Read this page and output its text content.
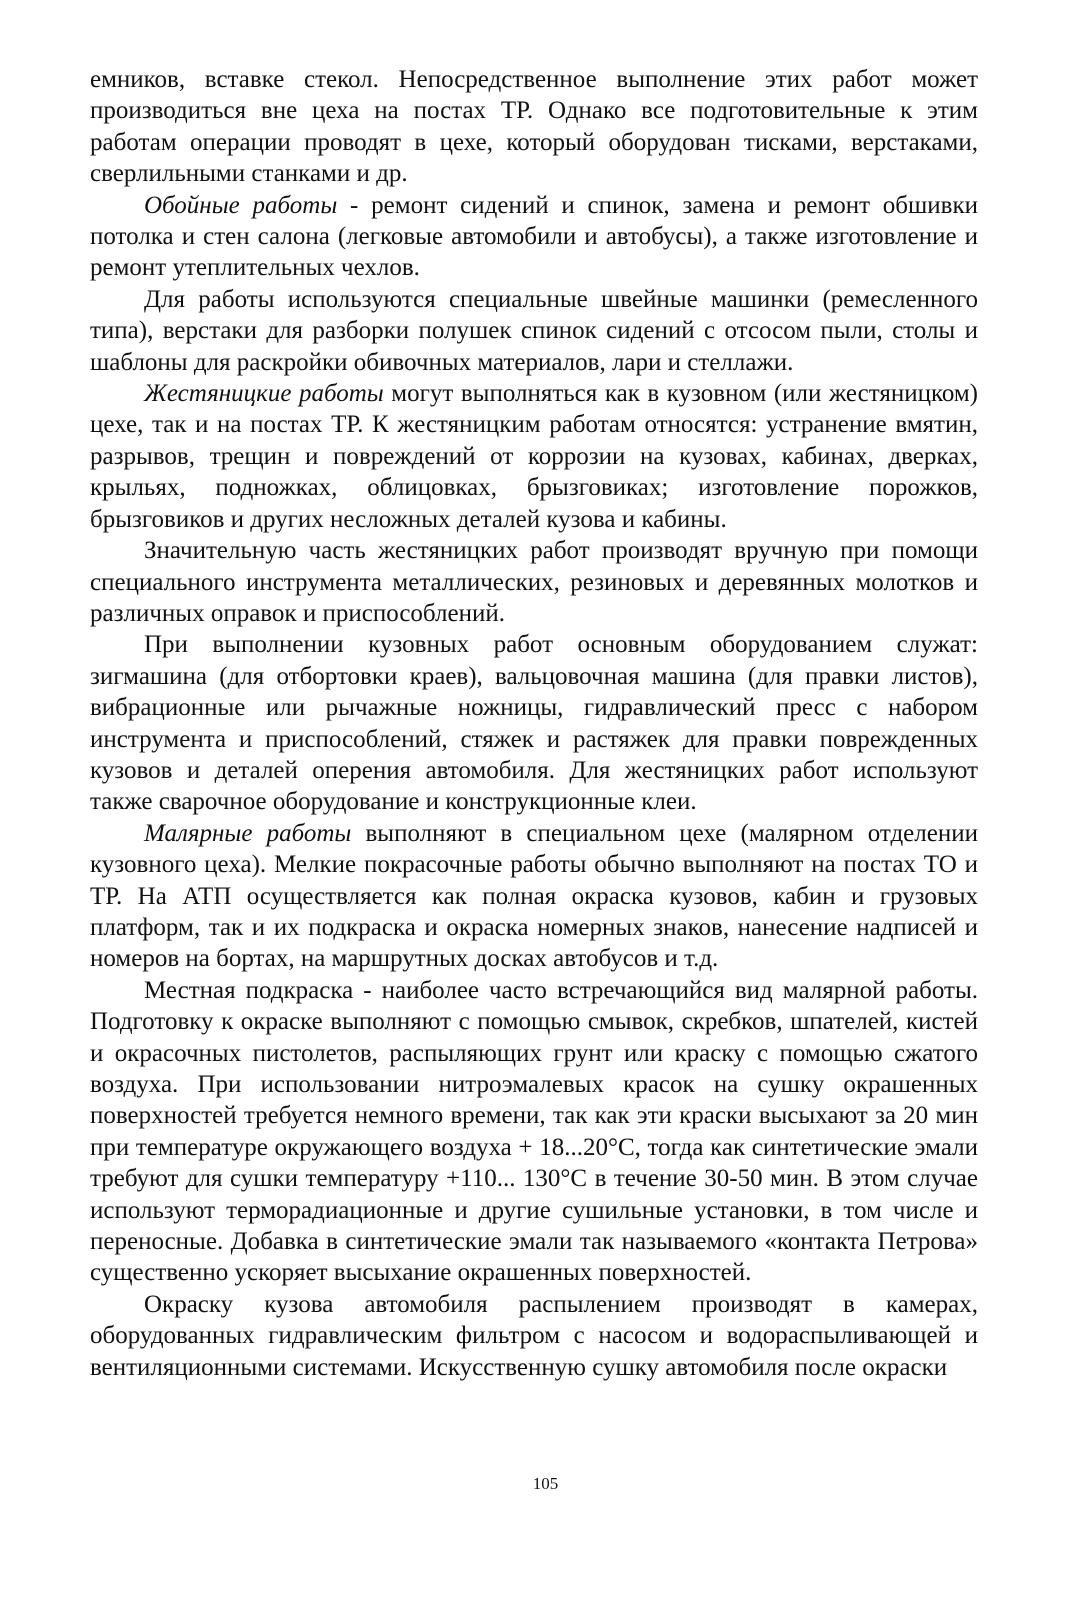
емников, вставке стекол. Непосредственное выполнение этих работ может производиться вне цеха на постах ТР. Однако все подготовительные к этим работам операции проводят в цехе, который оборудован тисками, верстаками, сверлильными станками и др.

Обойные работы - ремонт сидений и спинок, замена и ремонт обшивки потолка и стен салона (легковые автомобили и автобусы), а также изготовление и ремонт утеплительных чехлов.

Для работы используются специальные швейные машинки (ремесленного типа), верстаки для разборки полушек спинок сидений с отсосом пыли, столы и шаблоны для раскройки обивочных материалов, лари и стеллажи.

Жестяницкие работы могут выполняться как в кузовном (или жестяницком) цехе, так и на постах ТР. К жестяницким работам относятся: устранение вмятин, разрывов, трещин и повреждений от коррозии на кузовах, кабинах, дверках, крыльях, подножках, облицовках, брызговиках; изготовление порожков, брызговиков и других несложных деталей кузова и кабины.

Значительную часть жестяницких работ производят вручную при помощи специального инструмента металлических, резиновых и деревянных молотков и различных оправок и приспособлений.

При выполнении кузовных работ основным оборудованием служат: зигмашина (для отбортовки краев), вальцовочная машина (для правки листов), вибрационные или рычажные ножницы, гидравлический пресс с набором инструмента и приспособлений, стяжек и растяжек для правки поврежденных кузовов и деталей оперения автомобиля. Для жестяницких работ используют также сварочное оборудование и конструкционные клеи.

Малярные работы выполняют в специальном цехе (малярном отделении кузовного цеха). Мелкие покрасочные работы обычно выполняют на постах ТО и ТР. На АТП осуществляется как полная окраска кузовов, кабин и грузовых платформ, так и их подкраска и окраска номерных знаков, нанесение надписей и номеров на бортах, на маршрутных досках автобусов и т.д.

Местная подкраска - наиболее часто встречающийся вид малярной работы. Подготовку к окраске выполняют с помощью смывок, скребков, шпателей, кистей и окрасочных пистолетов, распыляющих грунт или краску с помощью сжатого воздуха. При использовании нитроэмалевых красок на сушку окрашенных поверхностей требуется немного времени, так как эти краски высыхают за 20 мин при температуре окружающего воздуха + 18...20°С, тогда как синтетические эмали требуют для сушки температуру +110... 130°С в течение 30-50 мин. В этом случае используют терморадиационные и другие сушильные установки, в том числе и переносные. Добавка в синтетические эмали так называемого «контакта Петрова» существенно ускоряет высыхание окрашенных поверхностей.

Окраску кузова автомобиля распылением производят в камерах, оборудованных гидравлическим фильтром с насосом и водораспыливающей и вентиляционными системами. Искусственную сушку автомобиля после окраски

105
